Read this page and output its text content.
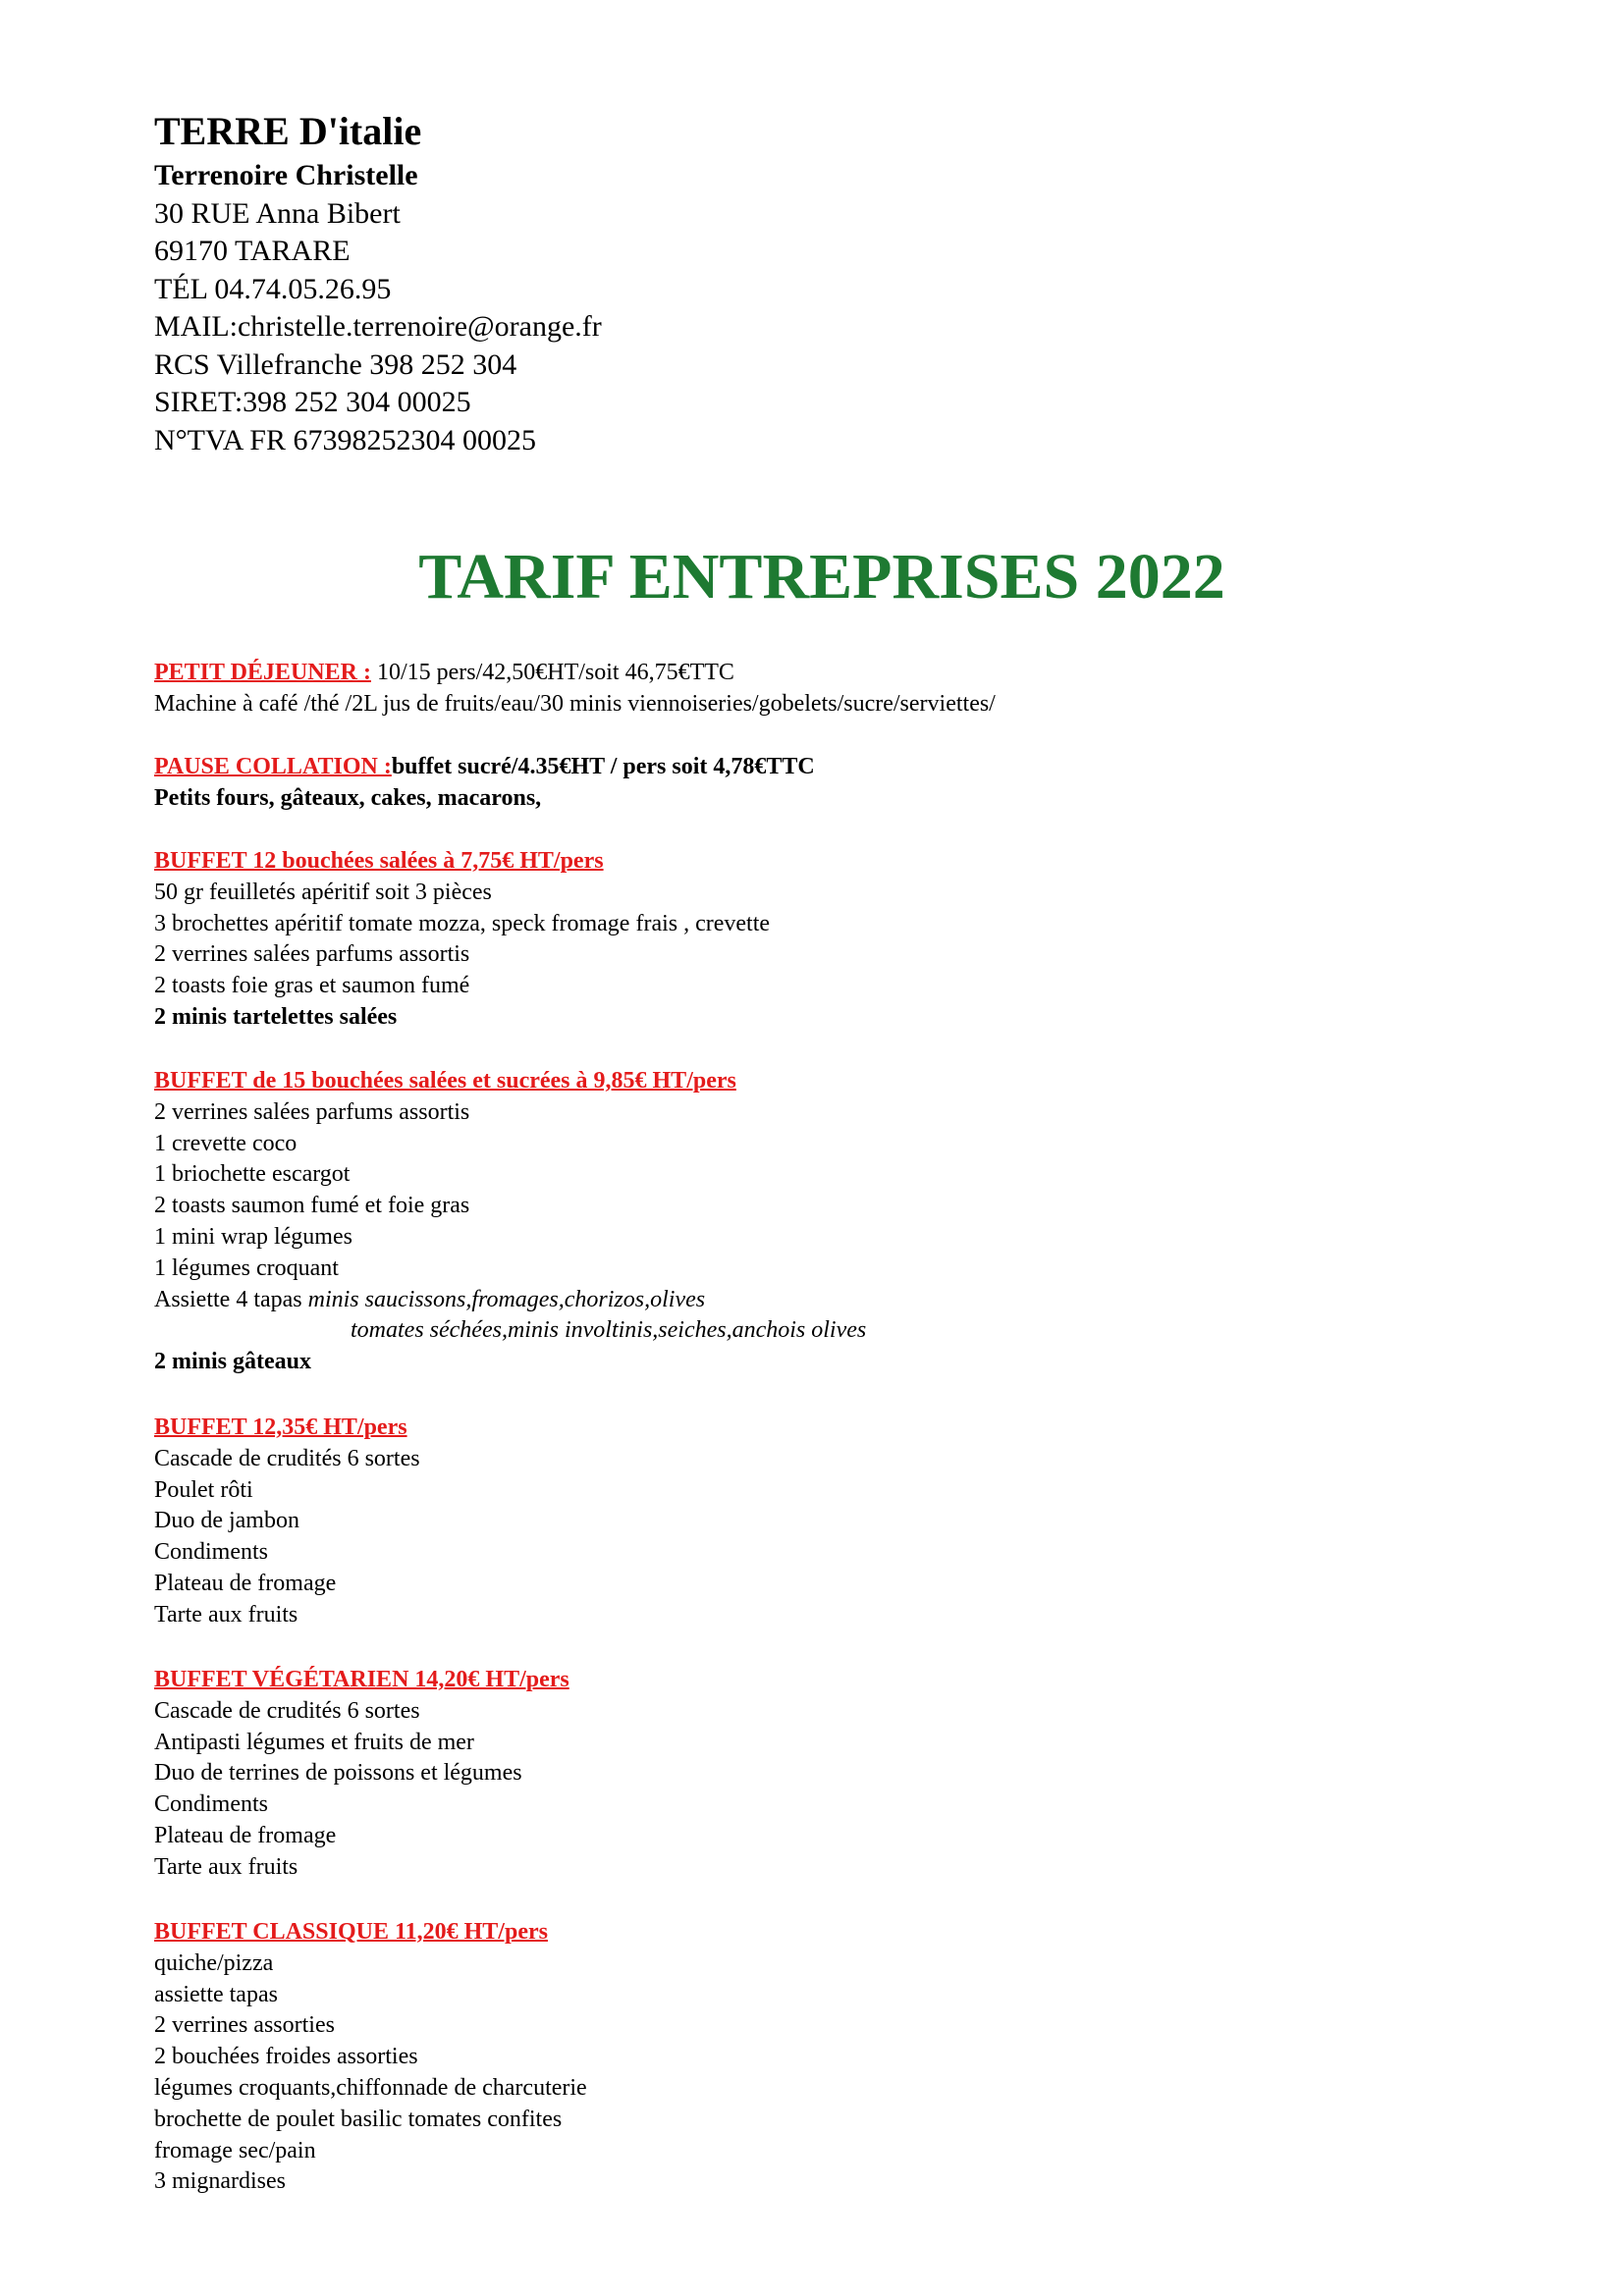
TERRE D'italie

Terrenoire Christelle

30 RUE Anna Bibert

69170 TARARE

TÉL 04.74.05.26.95

MAIL:christelle.terrenoire@orange.fr

RCS Villefranche 398 252 304

SIRET:398 252 304 00025

N°TVA FR 67398252304 00025

TARIF ENTREPRISES 2022

PETIT DÉJEUNER : 10/15 pers/42,50€HT/soit 46,75€TTC

Machine à café /thé /2L jus de fruits/eau/30 minis viennoiseries/gobelets/sucre/serviettes/

PAUSE COLLATION :buffet sucré/4.35€HT / pers soit 4,78€TTC

Petits fours, gâteaux, cakes, macarons,

BUFFET 12 bouchées salées à 7,75€ HT/pers

50 gr feuilletés apéritif soit 3 pièces

3 brochettes apéritif tomate mozza, speck fromage frais , crevette

2 verrines salées parfums assortis

2 toasts foie gras et saumon fumé

2 minis tartelettes salées

BUFFET de 15 bouchées salées et sucrées à 9,85€ HT/pers

2 verrines salées parfums assortis

1 crevette coco

1 briochette escargot

2 toasts saumon fumé et foie gras

1 mini wrap légumes

1 légumes croquant

Assiette 4 tapas minis saucissons,fromages,chorizos,olives

tomates séchées,minis involtinis,seiches,anchois olives

2 minis gâteaux

BUFFET 12,35€ HT/pers

Cascade de crudités 6 sortes

Poulet rôti

Duo de jambon

Condiments

Plateau de fromage

Tarte aux fruits

BUFFET VÉGÉTARIEN 14,20€ HT/pers

Cascade de crudités 6 sortes

Antipasti légumes et fruits de mer

Duo de terrines de poissons et légumes

Condiments

Plateau de fromage

Tarte aux fruits

BUFFET CLASSIQUE 11,20€ HT/pers

quiche/pizza

assiette tapas

2 verrines assorties

2 bouchées froides assorties

légumes croquants,chiffonnade de charcuterie

brochette de poulet basilic tomates confites

fromage sec/pain

3 mignardises
